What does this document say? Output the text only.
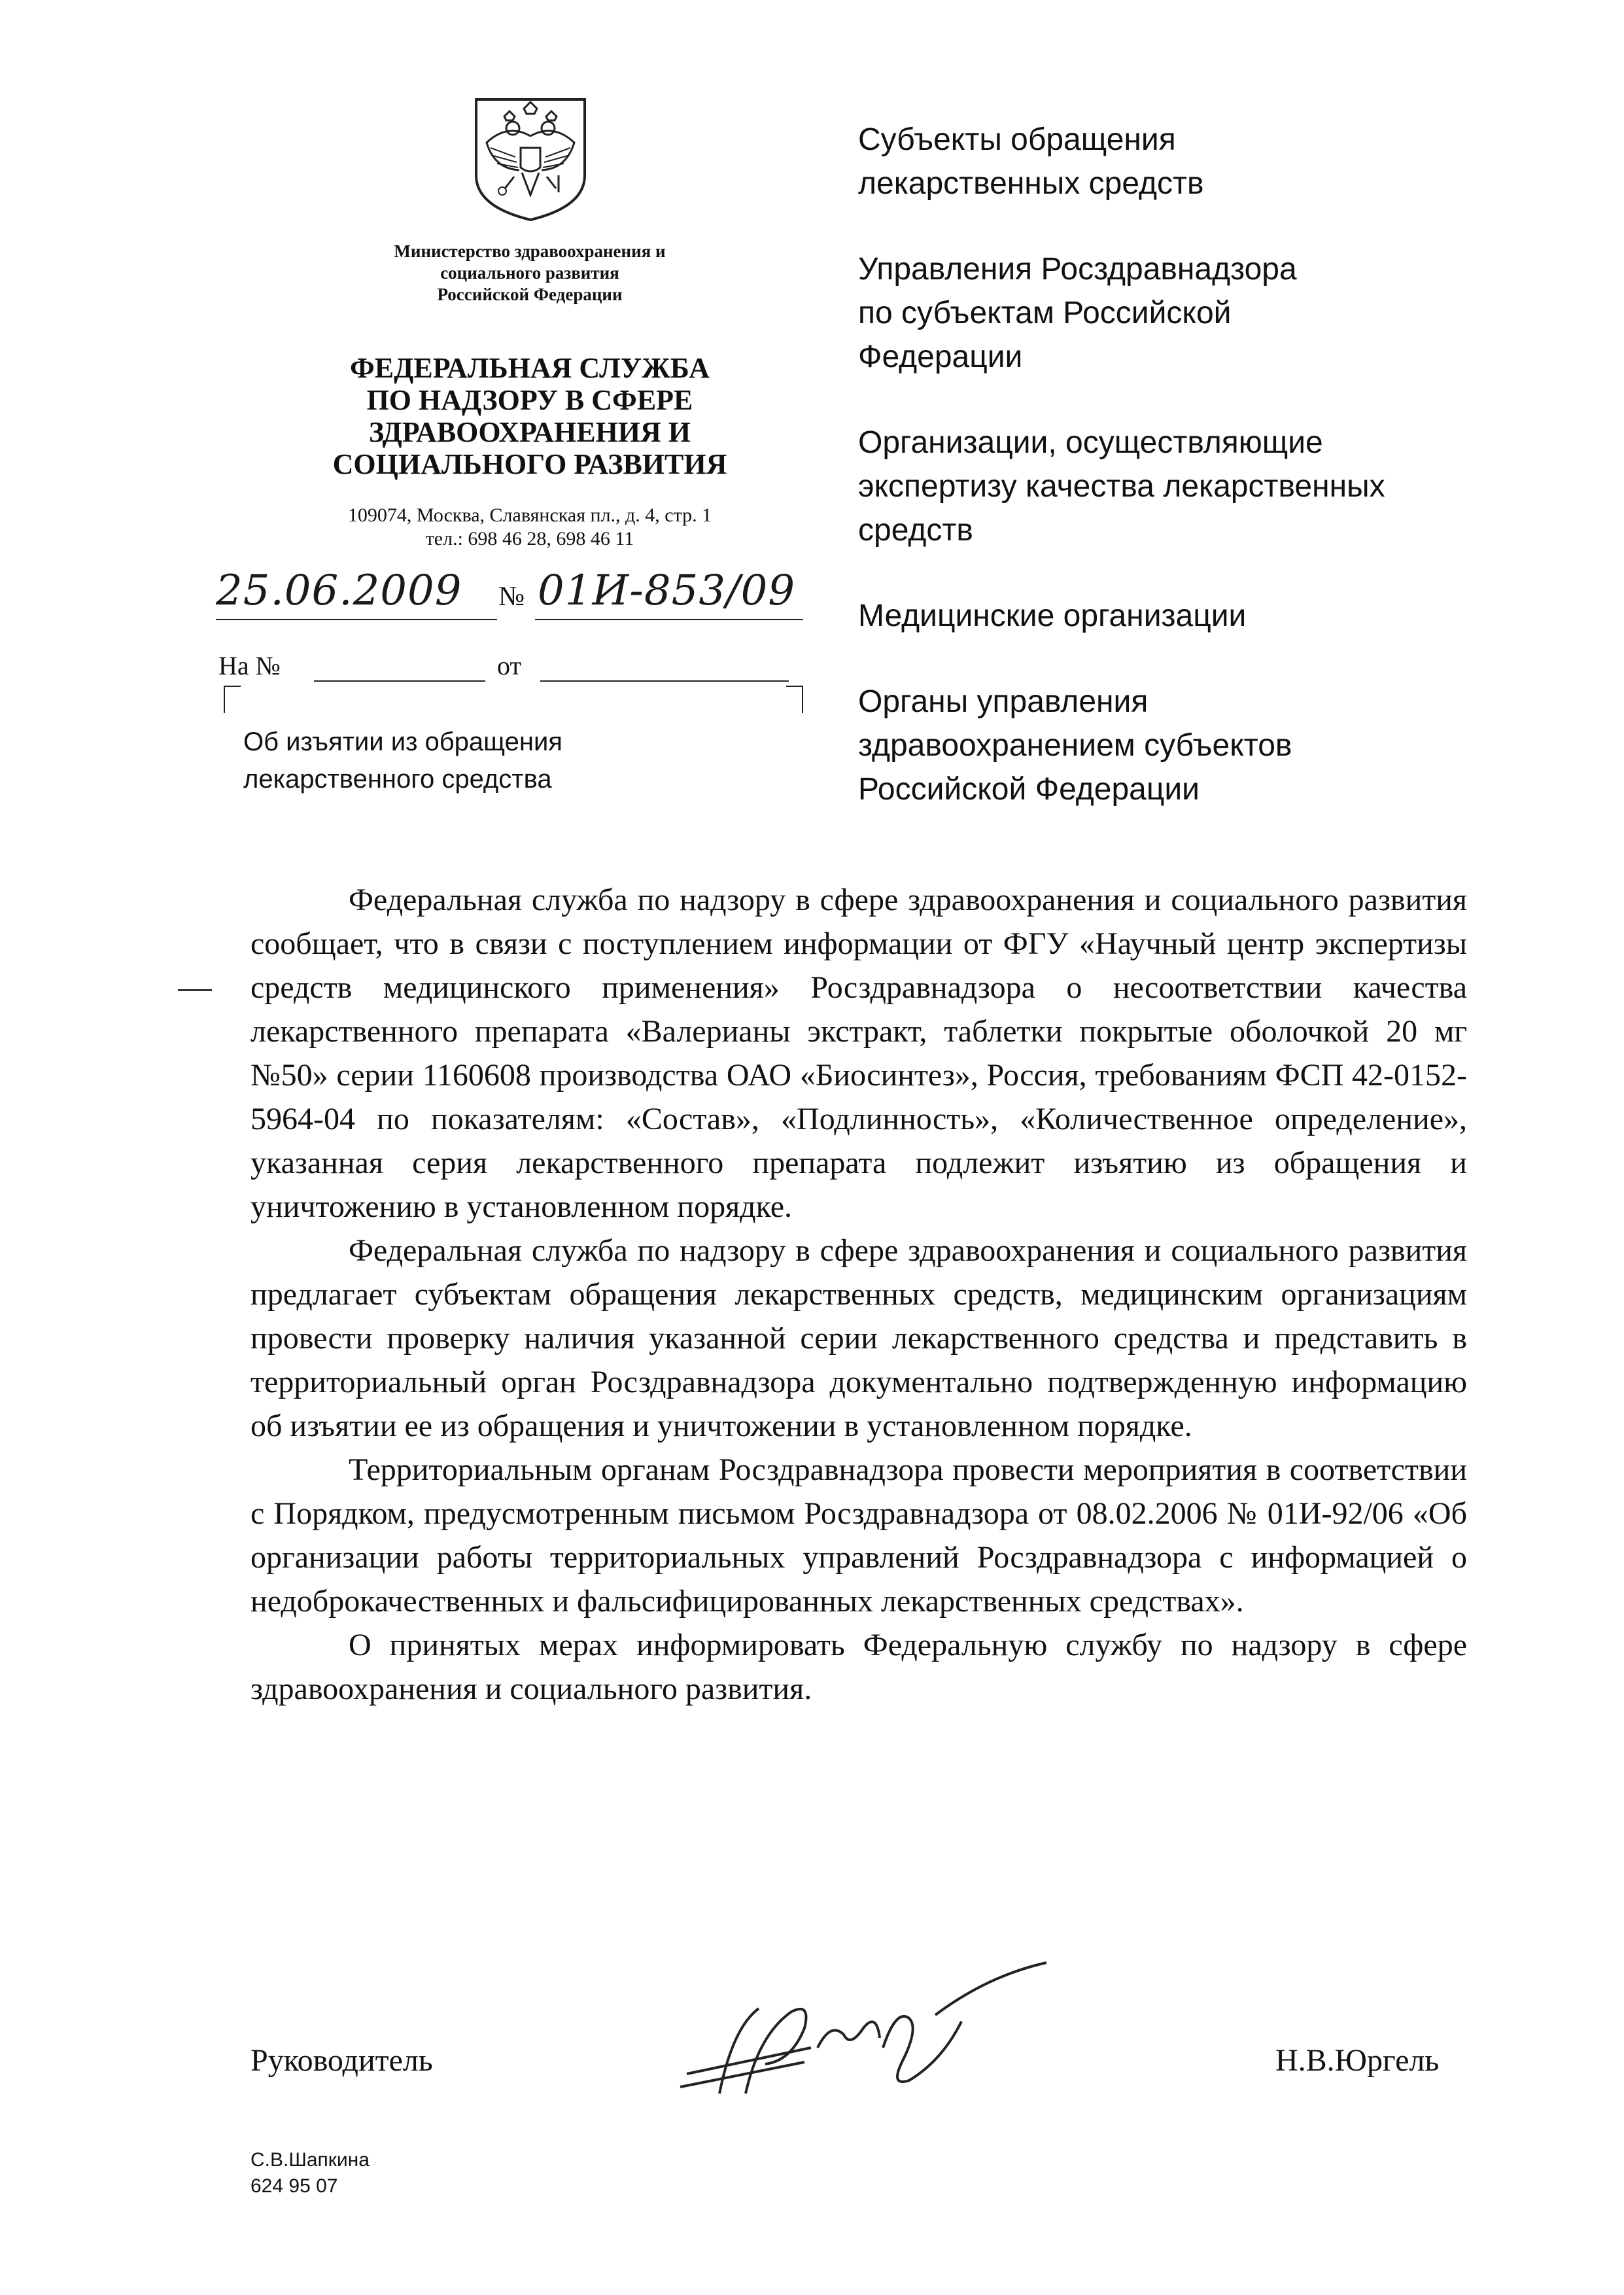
Министерство здравоохранения и
социального развития
Российской Федерации
ФЕДЕРАЛЬНАЯ СЛУЖБА
ПО НАДЗОРУ В СФЕРЕ
ЗДРАВООХРАНЕНИЯ И
СОЦИАЛЬНОГО РАЗВИТИЯ
109074, Москва, Славянская пл., д. 4, стр. 1
тел.: 698 46 28, 698 46 11
25.06.2009 № 01И-853/09
На №	от
Об изъятии из обращения
лекарственного средства
Субъекты обращения
лекарственных средств
Управления Росздравнадзора
по субъектам Российской
Федерации
Организации, осуществляющие
экспертизу качества лекарственных
средств
Медицинские организации
Органы управления
здравоохранением субъектов
Российской Федерации

Федеральная служба по надзору в сфере здравоохранения и социального развития сообщает, что в связи с поступлением информации от ФГУ «Научный центр экспертизы средств медицинского применения» Росздравнадзора о несоответствии качества лекарственного препарата «Валерианы экстракт, таблетки покрытые оболочкой 20 мг №50» серии 1160608 производства ОАО «Биосинтез», Россия, требованиям ФСП 42-0152-5964-04 по показателям: «Состав», «Подлинность», «Количественное определение», указанная серия лекарственного препарата подлежит изъятию из обращения и уничтожению в установленном порядке.

Федеральная служба по надзору в сфере здравоохранения и социального развития предлагает субъектам обращения лекарственных средств, медицинским организациям провести проверку наличия указанной серии лекарственного средства и представить в территориальный орган Росздравнадзора документально подтвержденную информацию об изъятии ее из обращения и уничтожении в установленном порядке.

Территориальным органам Росздравнадзора провести мероприятия в соответствии с Порядком, предусмотренным письмом Росздравнадзора от 08.02.2006 № 01И-92/06 «Об организации работы территориальных управлений Росздравнадзора с информацией о недоброкачественных и фальсифицированных лекарственных средствах».

О принятых мерах информировать Федеральную службу по надзору в сфере здравоохранения и социального развития.

Руководитель	Н.В.Юргель
С.В.Шапкина
624 95 07
